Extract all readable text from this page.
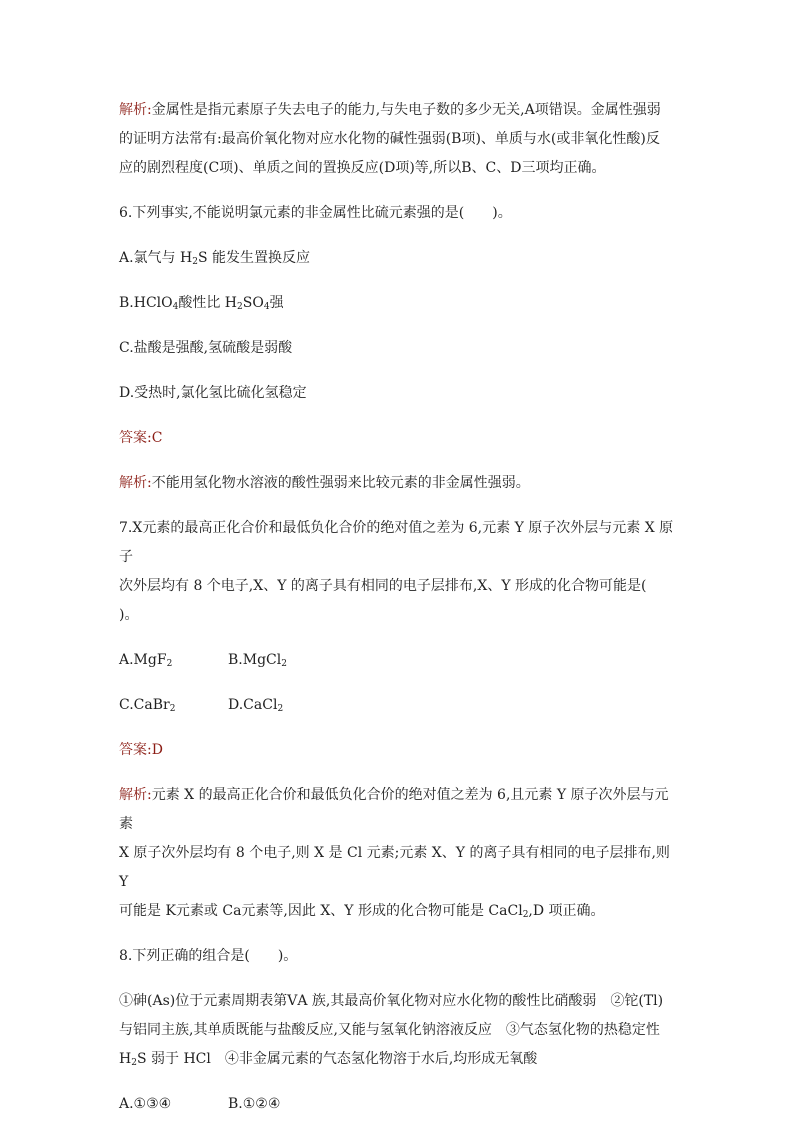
解析:金属性是指元素原子失去电子的能力,与失电子数的多少无关,A项错误。金属性强弱

的证明方法常有:最高价氧化物对应水化物的碱性强弱(B项)、单质与水(或非氧化性酸)反

应的剧烈程度(C项)、单质之间的置换反应(D项)等,所以B、C、D三项均正确。

6.下列事实,不能说明氯元素的非金属性比硫元素强的是(　　)。

A.氯气与 $H_2S$ 能发生置换反应

B.HClO$_4$酸性比 $H_2SO_4$强

C.盐酸是强酸,氢硫酸是弱酸

D.受热时,氯化氢比硫化氢稳定

答案:C

解析:不能用氢化物水溶液的酸性强弱来比较元素的非金属性强弱。

7.X元素的最高正化合价和最低负化合价的绝对值之差为 6,元素 Y 原子次外层与元素 X 原子

次外层均有 8 个电子,X、Y 的离子具有相同的电子层排布,X、Y 形成的化合物可能是(　　)。

A.MgF$_2$	B.MgCl$_2$
C.CaBr$_2$	D.CaCl$_2$

答案:D

解析:元素 X 的最高正化合价和最低负化合价的绝对值之差为 6,且元素 Y 原子次外层与元素

X 原子次外层均有 8 个电子,则 X 是 Cl 元素;元素 X、Y 的离子具有相同的电子层排布,则 Y

可能是 K元素或 Ca元素等,因此 X、Y 形成的化合物可能是 CaCl$_2$,D 项正确。

8.下列正确的组合是(　　)。

①砷(As)位于元素周期表第ⅤA 族,其最高价氧化物对应水化物的酸性比硝酸弱　②铊(Tl)

与铝同主族,其单质既能与盐酸反应,又能与氢氧化钠溶液反应　③气态氢化物的热稳定性

$H_2S$ 弱于 HCl　④非金属元素的气态氢化物溶于水后,均形成无氧酸

A.①③④	B.①②④
